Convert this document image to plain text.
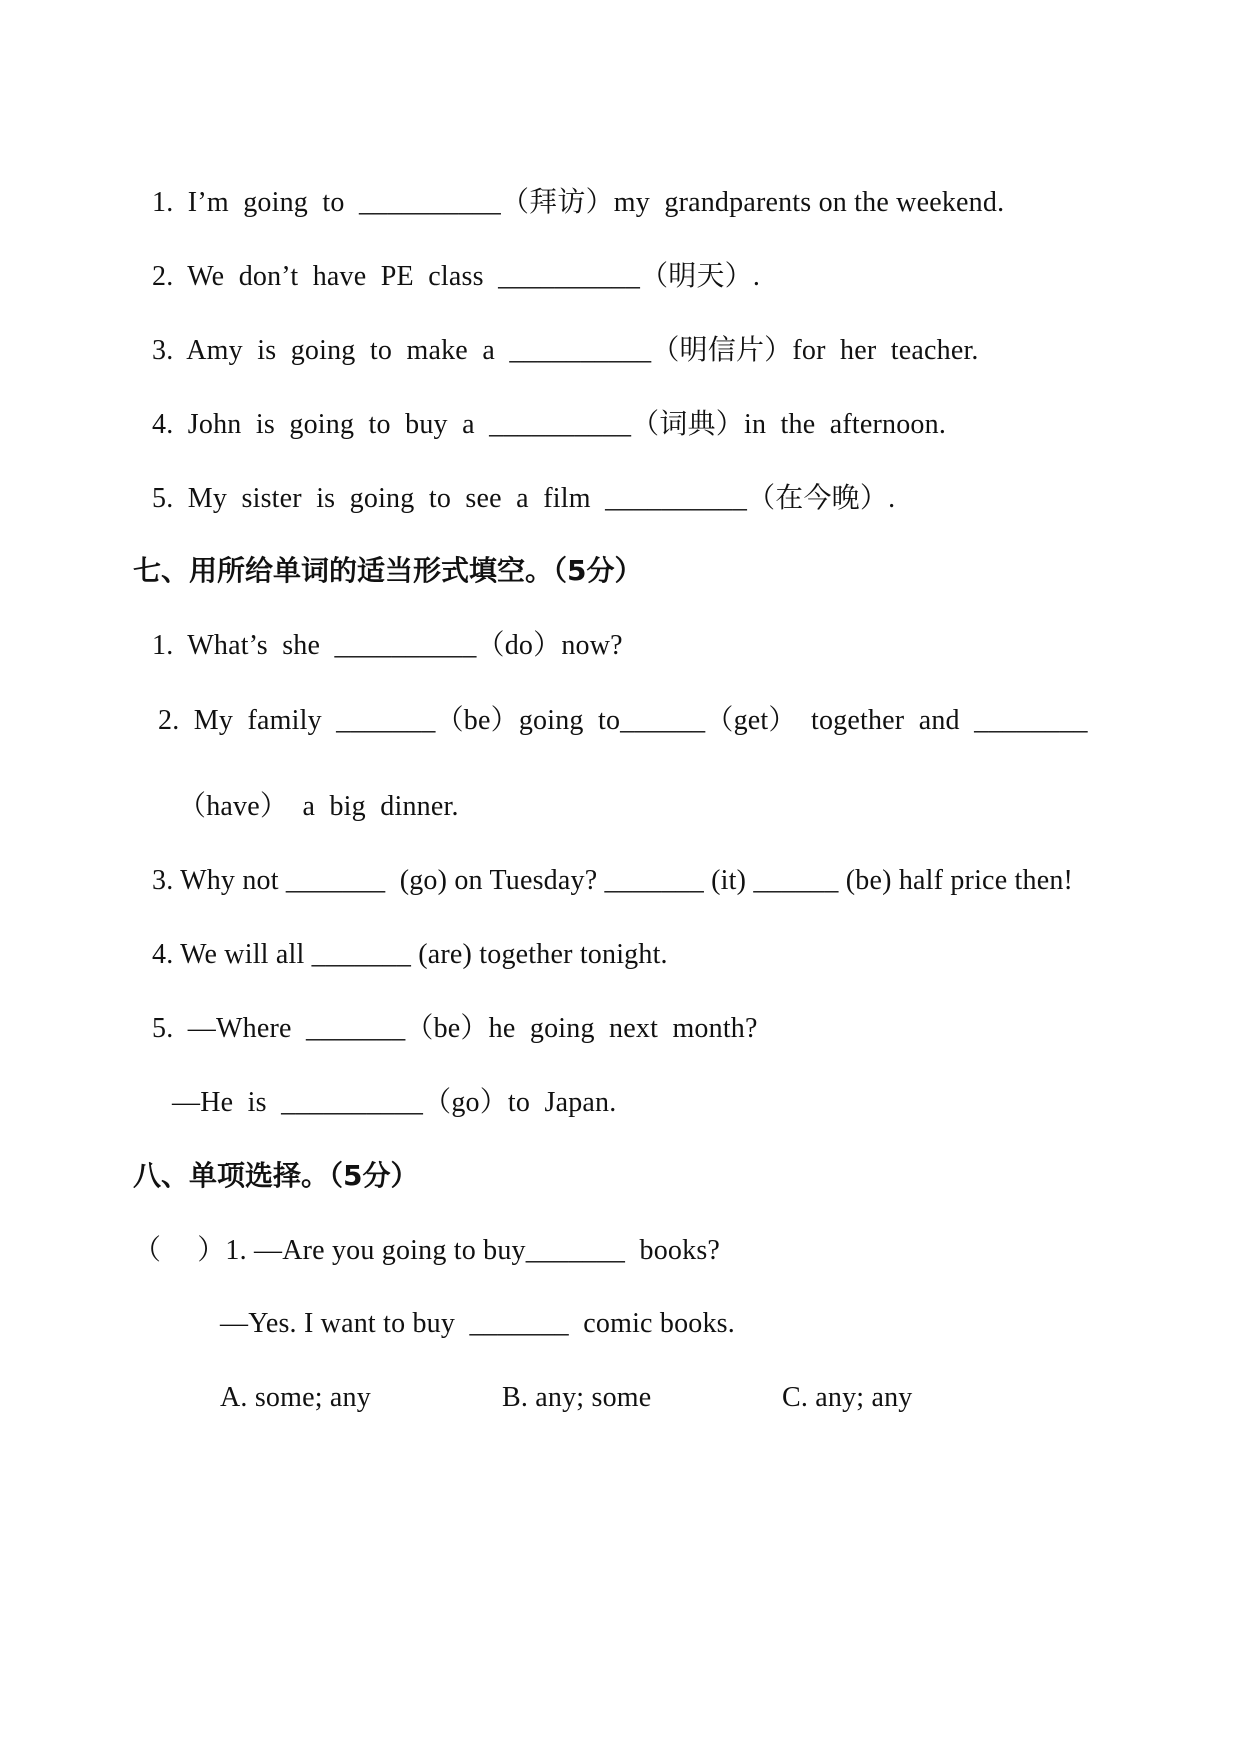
1.  I’m  going  to  __________（拜访）my  grandparents on the weekend.
2.  We  don’t  have  PE  class  __________（明天）.
3.  Amy  is  going  to  make  a  __________（明信片）for  her  teacher.
4.  John  is  going  to  buy  a  __________（词典）in  the  afternoon.
5.  My  sister  is  going  to  see  a  film  __________（在今晚）.
七、用所给单词的适当形式填空。（5分）
1.  What’s  she  __________（do）now?
2.  My  family  _______（be）going  to______（get）  together  and  ________
（have）  a  big  dinner.
3. Why not _______  (go) on Tuesday? _______ (it) ______ (be) half price then!
4. We will all _______ (are) together tonight.
5.  —Where  _______（be）he  going  next  month?
—He  is  __________（go）to  Japan.
八、单项选择。（5分）
（     ）1. —Are you going to buy_______  books?
—Yes. I want to buy  _______  comic books.
A. some; any	B. any; some	C. any; any
